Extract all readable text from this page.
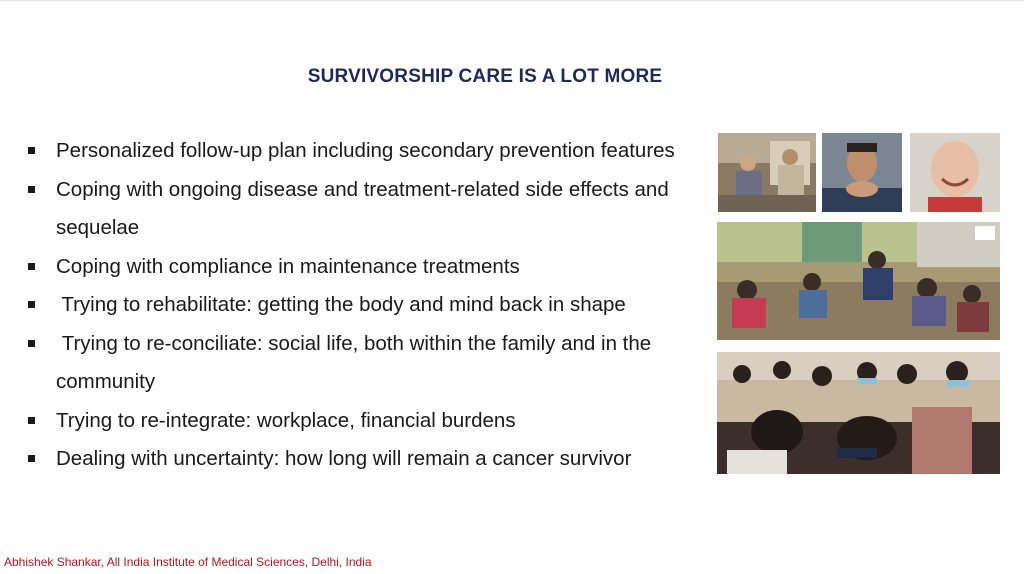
SURVIVORSHIP CARE IS A LOT MORE
Personalized follow-up plan including secondary prevention features
Coping with ongoing disease and treatment-related side effects and sequelae
Coping with compliance in maintenance treatments
Trying to rehabilitate: getting the body and mind back in shape
Trying to re-conciliate: social life, both within the family and in the community
Trying to re-integrate: workplace, financial burdens
Dealing with uncertainty: how long will remain a cancer survivor
Abhishek Shankar, All India Institute of Medical Sciences, Delhi, India
